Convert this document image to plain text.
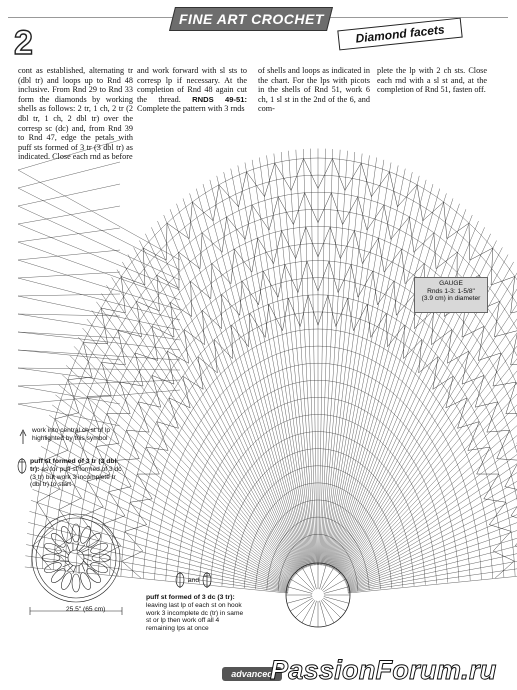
FINE ART CROCHET
2	Diamond facets
cont as established, alternating tr (dbl tr) and loops up to Rnd 48 inclusive. From Rnd 29 to Rnd 33 form the diamonds by working shells as follows: 2 tr, 1 ch, 2 tr (2 dbl tr, 1 ch, 2 dbl tr) over the corresp sc (dc) and, from Rnd 39 to Rnd 47, edge the petals with puff sts formed of 3 tr (3 dbl tr) as indicated. Close each rnd as before
and work forward with sl sts to corresp lp if necessary. At the completion of Rnd 48 again cut the thread. RNDS 49-51: Complete the pattern with 3 rnds
of shells and loops as indicated in the chart. For the lps with picots in the shells of Rnd 51, work 6 ch, 1 sl st in the 2nd of the 6, and com-
plete the lp with 2 ch sts. Close each rnd with a sl st and, at the completion of Rnd 51, fasten off.
GAUGE
Rnds 1-3: 1-5/8"
(3.9 cm) in diameter
work into central ch st of lp highlighted by this symbol
puff st formed of 3 tr (3 dbl tr): as for puff st formed of 3 dc (3 tr) but work 3 incomplete tr (dbl tr) to start
and
puff st formed of 3 dc (3 tr): leaving last lp of each st on hook work 3 incomplete dc (tr) in same st or lp then work off all 4 remaining lps at once
25.5" (65 cm)
advanced
PassionForum.ru
